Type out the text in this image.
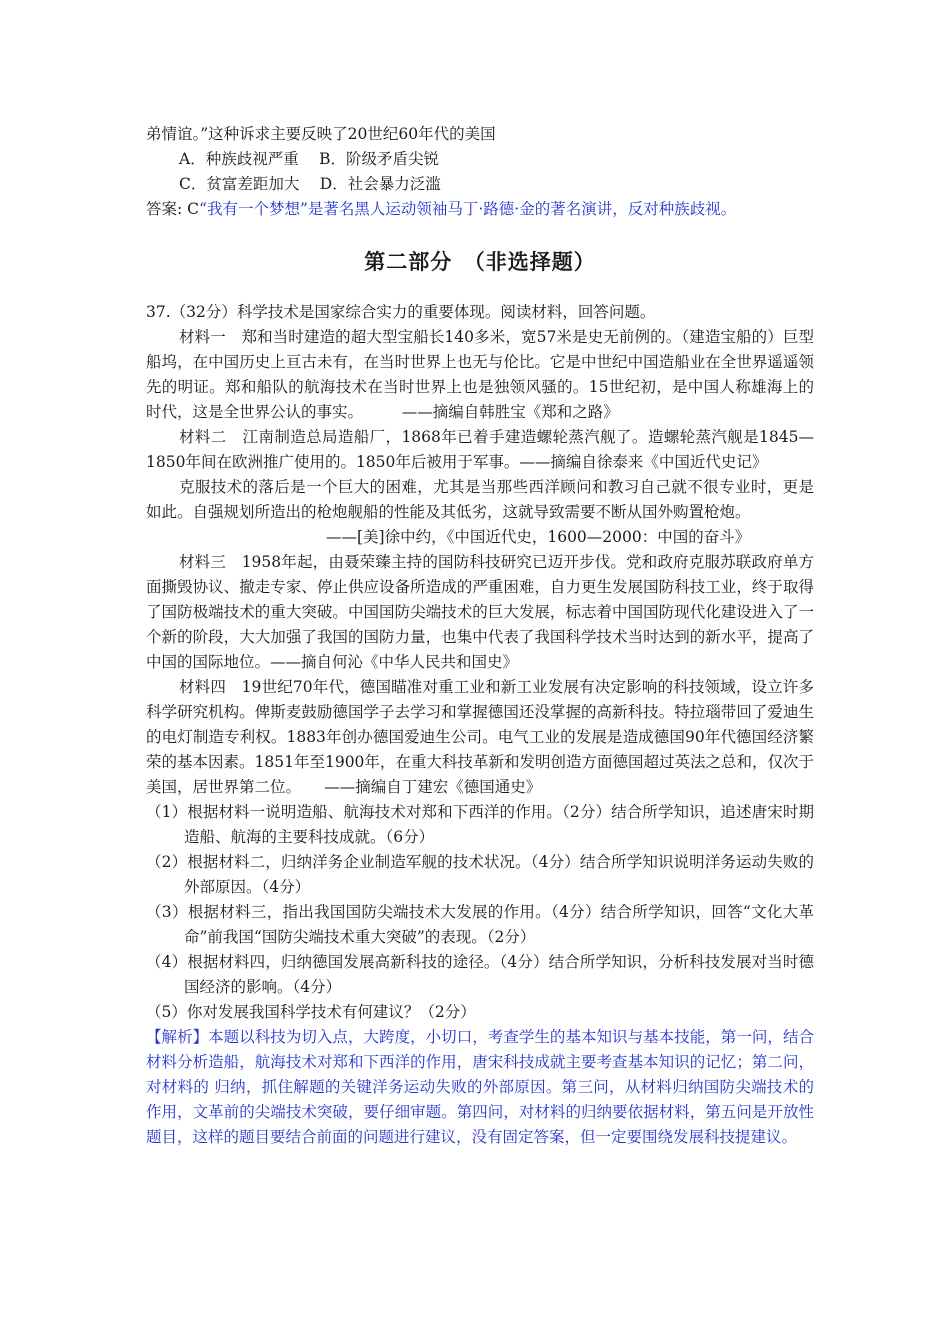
弟情谊。”这种诉求主要反映了20世纪60年代的美国

A．种族歧视严重　 B．阶级矛盾尖锐

C．贫富差距加大　 D．社会暴力泛滥

答案: C“我有一个梦想”是著名黑人运动领袖马丁·路德·金的著名演讲，反对种族歧视。

第二部分　（非选择题）

37.（32分）科学技术是国家综合实力的重要体现。阅读材料，回答问题。

材料一　郑和当时建造的超大型宝船长140多米，宽57米是史无前例的。（建造宝船的）巨型船坞，在中国历史上亘古未有，在当时世界上也无与伦比。它是中世纪中国造船业在全世界遥遥领先的明证。郑和船队的航海技术在当时世界上也是独领风骚的。15世纪初，是中国人称雄海上的时代，这是全世界公认的事实。　　　——摘编自韩胜宝《郑和之路》

材料二　江南制造总局造船厂，1868年已着手建造螺轮蒸汽舰了。造螺轮蒸汽舰是1845—1850年间在欧洲推广使用的。1850年后被用于军事。——摘编自徐泰来《中国近代史记》

克服技术的落后是一个巨大的困难，尤其是当那些西洋顾问和教习自己就不很专业时，更是如此。自强规划所造出的枪炮舰船的性能及其低劣，这就导致需要不断从国外购置枪炮。

——[美]徐中约，《中国近代史，1600—2000：中国的奋斗》

材料三　1958年起，由聂荣臻主持的国防科技研究已迈开步伐。党和政府克服苏联政府单方面撕毁协议、撤走专家、停止供应设备所造成的严重困难，自力更生发展国防科技工业，终于取得了国防极端技术的重大突破。中国国防尖端技术的巨大发展，标志着中国国防现代化建设进入了一个新的阶段，大大加强了我国的国防力量，也集中代表了我国科学技术当时达到的新水平，提高了中国的国际地位。——摘自何沁《中华人民共和国史》

材料四　19世纪70年代，德国瞄准对重工业和新工业发展有决定影响的科技领域，设立许多科学研究机构。俾斯麦鼓励德国学子去学习和掌握德国还没掌握的高新科技。特拉瑙带回了爱迪生的电灯制造专利权。1883年创办德国爱迪生公司。电气工业的发展是造成德国90年代德国经济繁荣的基本因素。1851年至1900年，在重大科技革新和发明创造方面德国超过英法之总和，仅次于美国，居世界第二位。　　——摘编自丁建宏《德国通史》

（1）根据材料一说明造船、航海技术对郑和下西洋的作用。（2分）结合所学知识，追述唐宋时期造船、航海的主要科技成就。（6分）

（2）根据材料二，归纳洋务企业制造军舰的技术状况。（4分）结合所学知识说明洋务运动失败的外部原因。（4分）

（3）根据材料三，指出我国国防尖端技术大发展的作用。（4分）结合所学知识，回答“文化大革命”前我国“国防尖端技术重大突破”的表现。（2分）

（4）根据材料四，归纳德国发展高新科技的途径。（4分）结合所学知识，分析科技发展对当时德国经济的影响。（4分）

（5）你对发展我国科学技术有何建议？（2分）

【解析】本题以科技为切入点，大跨度，小切口，考查学生的基本知识与基本技能，第一问，结合材料分析造船，航海技术对郑和下西洋的作用，唐宋科技成就主要考查基本知识的记忆；第二问，对材料的 归纳，抓住解题的关键洋务运动失败的外部原因。第三问，从材料归纳国防尖端技术的作用，文革前的尖端技术突破，要仔细审题。第四问，对材料的归纳要依据材料，第五问是开放性题目，这样的题目要结合前面的问题进行建议，没有固定答案，但一定要围绕发展科技提建议。
